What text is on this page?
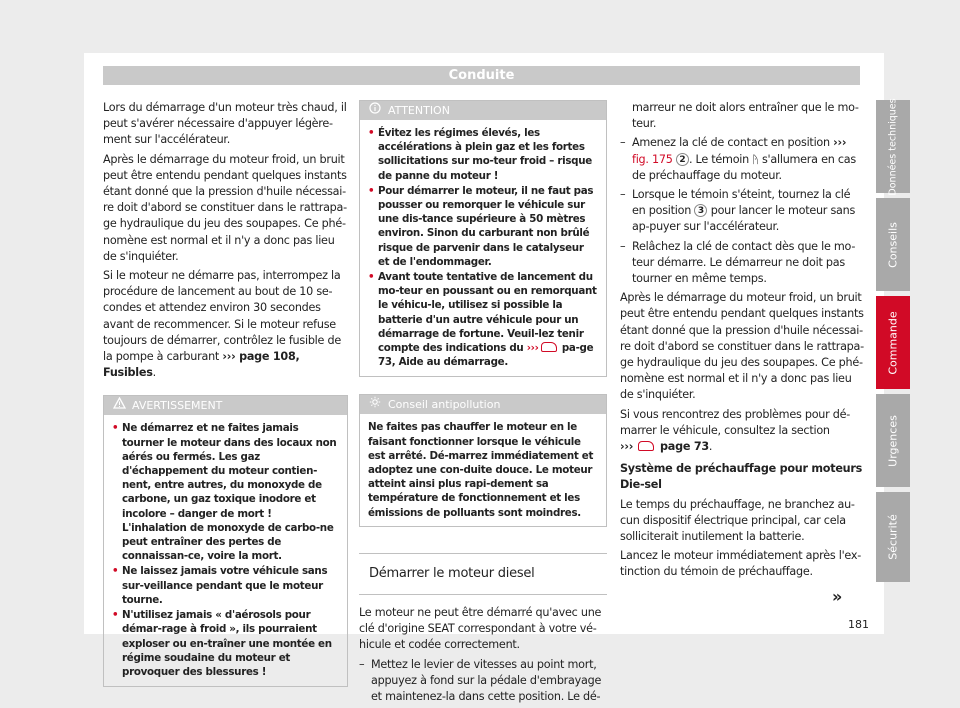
Conduite

Lors du démarrage d'un moteur très chaud, il peut s'avérer nécessaire d'appuyer légère-ment sur l'accélérateur.

Après le démarrage du moteur froid, un bruit peut être entendu pendant quelques instants étant donné que la pression d'huile nécessai-re doit d'abord se constituer dans le rattrapa-ge hydraulique du jeu des soupapes. Ce phé-nomène est normal et il n'y a donc pas lieu de s'inquiéter.

Si le moteur ne démarre pas, interrompez la procédure de lancement au bout de 10 se-condes et attendez environ 30 secondes avant de recommencer. Si le moteur refuse toujours de démarrer, contrôlez le fusible de la pompe à carburant ››› page 108, Fusibles.

AVERTISSEMENT
• Ne démarrez et ne faites jamais tourner le moteur dans des locaux non aérés ou fermés. Les gaz d'échappement du moteur contien-nent, entre autres, du monoxyde de carbone, un gaz toxique inodore et incolore – danger de mort ! L'inhalation de monoxyde de carbo-ne peut entraîner des pertes de connaissan-ce, voire la mort.
• Ne laissez jamais votre véhicule sans sur-veillance pendant que le moteur tourne.
• N'utilisez jamais « d'aérosols pour démar-rage à froid », ils pourraient exploser ou en-traîner une montée en régime soudaine du moteur et provoquer des blessures !
ATTENTION
• Évitez les régimes élevés, les accélérations à plein gaz et les fortes sollicitations sur mo-teur froid – risque de panne du moteur !
• Pour démarrer le moteur, il ne faut pas pousser ou remorquer le véhicule sur une dis-tance supérieure à 50 mètres environ. Sinon du carburant non brûlé risque de parvenir dans le catalyseur et de l'endommager.
• Avant toute tentative de lancement du mo-teur en poussant ou en remorquant le véhicu-le, utilisez si possible la batterie d'un autre véhicule pour un démarrage de fortune. Veuil-lez tenir compte des indications du ››› pa-ge 73, Aide au démarrage.
Conseil antipollution
Ne faites pas chauffer le moteur en le faisant fonctionner lorsque le véhicule est arrêté. Dé-marrez immédiatement et adoptez une con-duite douce. Le moteur atteint ainsi plus rapi-dement sa température de fonctionnement et les émissions de polluants sont moindres.
Démarrer le moteur diesel

Le moteur ne peut être démarré qu'avec une clé d'origine SEAT correspondant à votre vé-hicule et codée correctement.

– Mettez le levier de vitesses au point mort, appuyez à fond sur la pédale d'embrayage et maintenez-la dans cette position. Le dé-

marreur ne doit alors entraîner que le mo-teur.

– Amenez la clé de contact en position ››› fig. 175 2 . Le témoin ᚤ s'allumera en cas de préchauffage du moteur.
– Lorsque le témoin s'éteint, tournez la clé en position 3 pour lancer le moteur sans ap-puyer sur l'accélérateur.
– Relâchez la clé de contact dès que le mo-teur démarre. Le démarreur ne doit pas tourner en même temps.

Après le démarrage du moteur froid, un bruit peut être entendu pendant quelques instants étant donné que la pression d'huile nécessai-re doit d'abord se constituer dans le rattrapa-ge hydraulique du jeu des soupapes. Ce phé-nomène est normal et il n'y a donc pas lieu de s'inquiéter.

Si vous rencontrez des problèmes pour dé-marrer le véhicule, consultez la section
›››  page 73.

Système de préchauffage pour moteurs Die-sel

Le temps du préchauffage, ne branchez au-cun dispositif électrique principal, car cela solliciterait inutilement la batterie.

Lancez le moteur immédiatement après l'ex-tinction du témoin de préchauffage.

»
Données techniques
Conseils
Commande
Urgences
Sécurité
181
